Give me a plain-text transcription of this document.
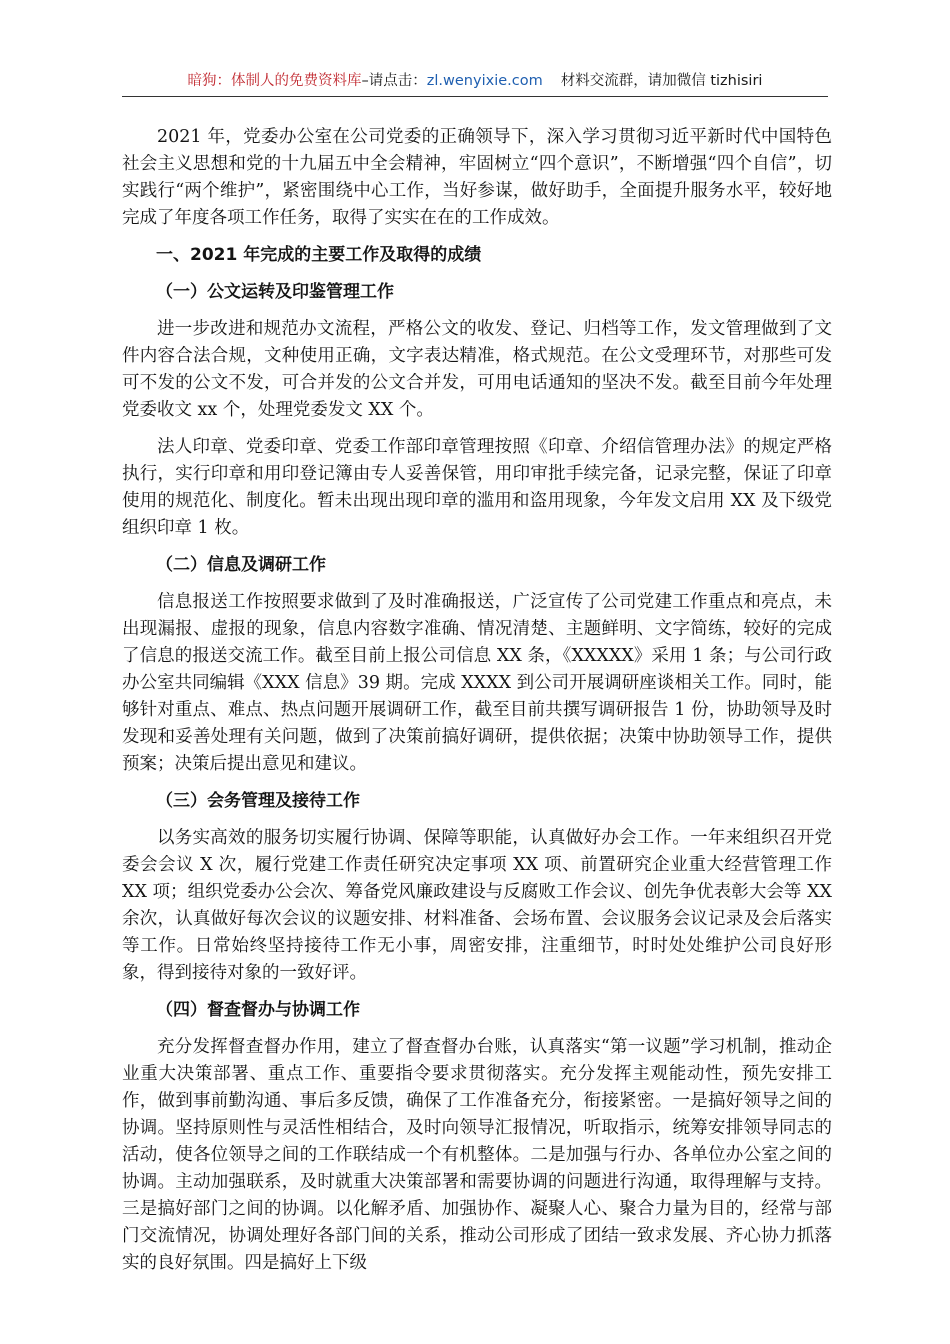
暗狗：体制人的免费资料库–请点击：zl.wenyixie.com 材料交流群，请加微信 tizhisiri

2021 年，党委办公室在公司党委的正确领导下，深入学习贯彻习近平新时代中国特色社会主义思想和党的十九届五中全会精神，牢固树立“四个意识”，不断增强“四个自信”，切实践行“两个维护”，紧密围绕中心工作，当好参谋，做好助手，全面提升服务水平，较好地完成了年度各项工作任务，取得了实实在在的工作成效。

一、2021 年完成的主要工作及取得的成绩
（一）公文运转及印鉴管理工作

进一步改进和规范办文流程，严格公文的收发、登记、归档等工作，发文管理做到了文件内容合法合规，文种使用正确，文字表达精准，格式规范。在公文受理环节，对那些可发可不发的公文不发，可合并发的公文合并发，可用电话通知的坚决不发。截至目前今年处理党委收文 xx 个，处理党委发文 XX 个。

法人印章、党委印章、党委工作部印章管理按照《印章、介绍信管理办法》的规定严格执行，实行印章和用印登记簿由专人妥善保管，用印审批手续完备，记录完整，保证了印章使用的规范化、制度化。暂未出现出现印章的滥用和盗用现象，今年发文启用 XX 及下级党组织印章 1 枚。

（二）信息及调研工作

信息报送工作按照要求做到了及时准确报送，广泛宣传了公司党建工作重点和亮点，未出现漏报、虚报的现象，信息内容数字准确、情况清楚、主题鲜明、文字简练，较好的完成了信息的报送交流工作。截至目前上报公司信息 XX 条，《XXXXX》采用 1 条；与公司行政办公室共同编辑《XXX 信息》39 期。完成 XXXX 到公司开展调研座谈相关工作。同时，能够针对重点、难点、热点问题开展调研工作，截至目前共撰写调研报告 1 份，协助领导及时发现和妥善处理有关问题，做到了决策前搞好调研，提供依据；决策中协助领导工作，提供预案；决策后提出意见和建议。

（三）会务管理及接待工作

以务实高效的服务切实履行协调、保障等职能，认真做好办会工作。一年来组织召开党委会会议 X 次，履行党建工作责任研究决定事项 XX 项、前置研究企业重大经营管理工作 XX 项；组织党委办公会次、筹备党风廉政建设与反腐败工作会议、创先争优表彰大会等 XX 余次，认真做好每次会议的议题安排、材料准备、会场布置、会议服务会议记录及会后落实等工作。日常始终坚持接待工作无小事，周密安排，注重细节，时时处处维护公司良好形象，得到接待对象的一致好评。

（四）督查督办与协调工作

充分发挥督查督办作用，建立了督查督办台账，认真落实“第一议题”学习机制，推动企业重大决策部署、重点工作、重要指令要求贯彻落实。充分发挥主观能动性，预先安排工作，做到事前勤沟通、事后多反馈，确保了工作准备充分，衔接紧密。一是搞好领导之间的协调。坚持原则性与灵活性相结合，及时向领导汇报情况，听取指示，统筹安排领导同志的活动，使各位领导之间的工作联结成一个有机整体。二是加强与行办、各单位办公室之间的协调。主动加强联系，及时就重大决策部署和需要协调的问题进行沟通，取得理解与支持。三是搞好部门之间的协调。以化解矛盾、加强协作、凝聚人心、聚合力量为目的，经常与部门交流情况，协调处理好各部门间的关系，推动公司形成了团结一致求发展、齐心协力抓落实的良好氛围。四是搞好上下级
